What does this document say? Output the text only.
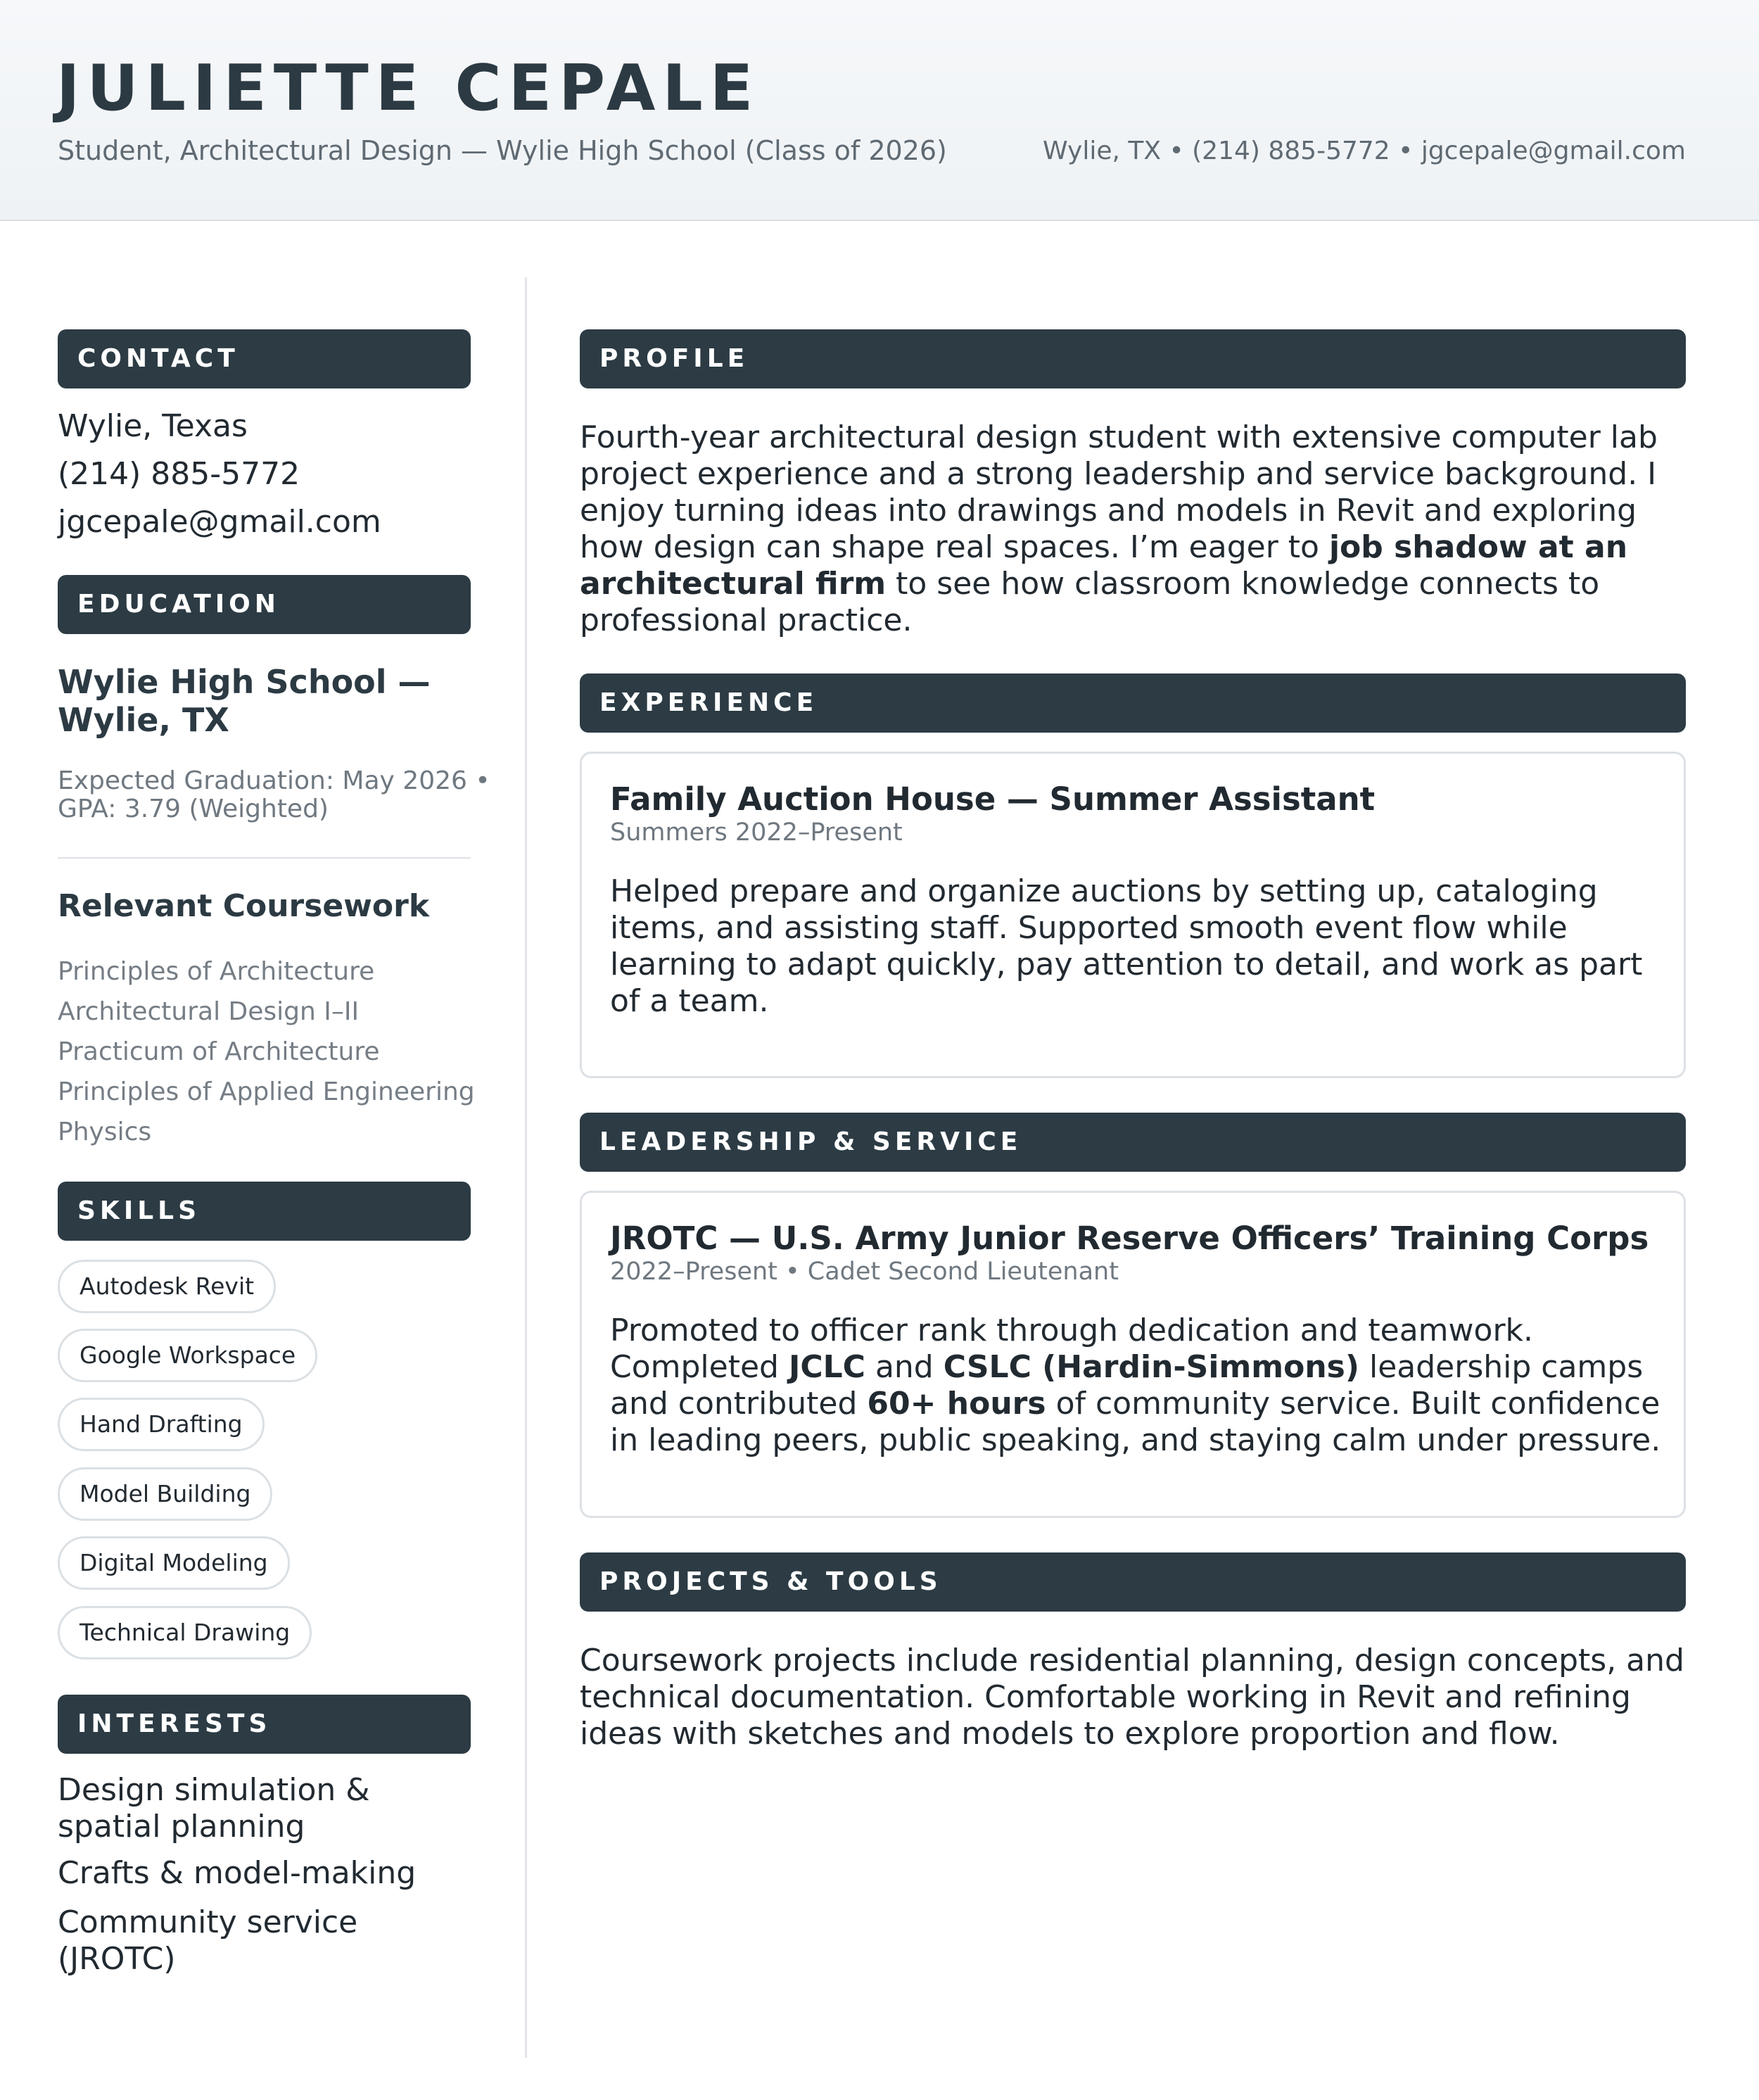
JULIETTE CEPALE
Student, Architectural Design — Wylie High School (Class of 2026)	Wylie, TX • (214) 885-5772 • jgcepale@gmail.com
CONTACT
Wylie, Texas
(214) 885-5772
jgcepale@gmail.com
EDUCATION
Wylie High School — Wylie, TX
Expected Graduation: May 2026 • GPA: 3.79 (Weighted)
Relevant Coursework
Principles of Architecture
Architectural Design I–II
Practicum of Architecture
Principles of Applied Engineering
Physics
SKILLS
Autodesk Revit
Google Workspace
Hand Drafting
Model Building
Digital Modeling
Technical Drawing
INTERESTS
Design simulation & spatial planning
Crafts & model-making
Community service (JROTC)
PROFILE
Fourth-year architectural design student with extensive computer lab project experience and a strong leadership and service background. I enjoy turning ideas into drawings and models in Revit and exploring how design can shape real spaces. I’m eager to job shadow at an architectural firm to see how classroom knowledge connects to professional practice.
EXPERIENCE
Family Auction House — Summer Assistant
Summers 2022–Present
Helped prepare and organize auctions by setting up, cataloging items, and assisting staff. Supported smooth event flow while learning to adapt quickly, pay attention to detail, and work as part of a team.
LEADERSHIP & SERVICE
JROTC — U.S. Army Junior Reserve Officers’ Training Corps
2022–Present • Cadet Second Lieutenant
Promoted to officer rank through dedication and teamwork. Completed JCLC and CSLC (Hardin-Simmons) leadership camps and contributed 60+ hours of community service. Built confidence in leading peers, public speaking, and staying calm under pressure.
PROJECTS & TOOLS
Coursework projects include residential planning, design concepts, and technical documentation. Comfortable working in Revit and refining ideas with sketches and models to explore proportion and flow.
